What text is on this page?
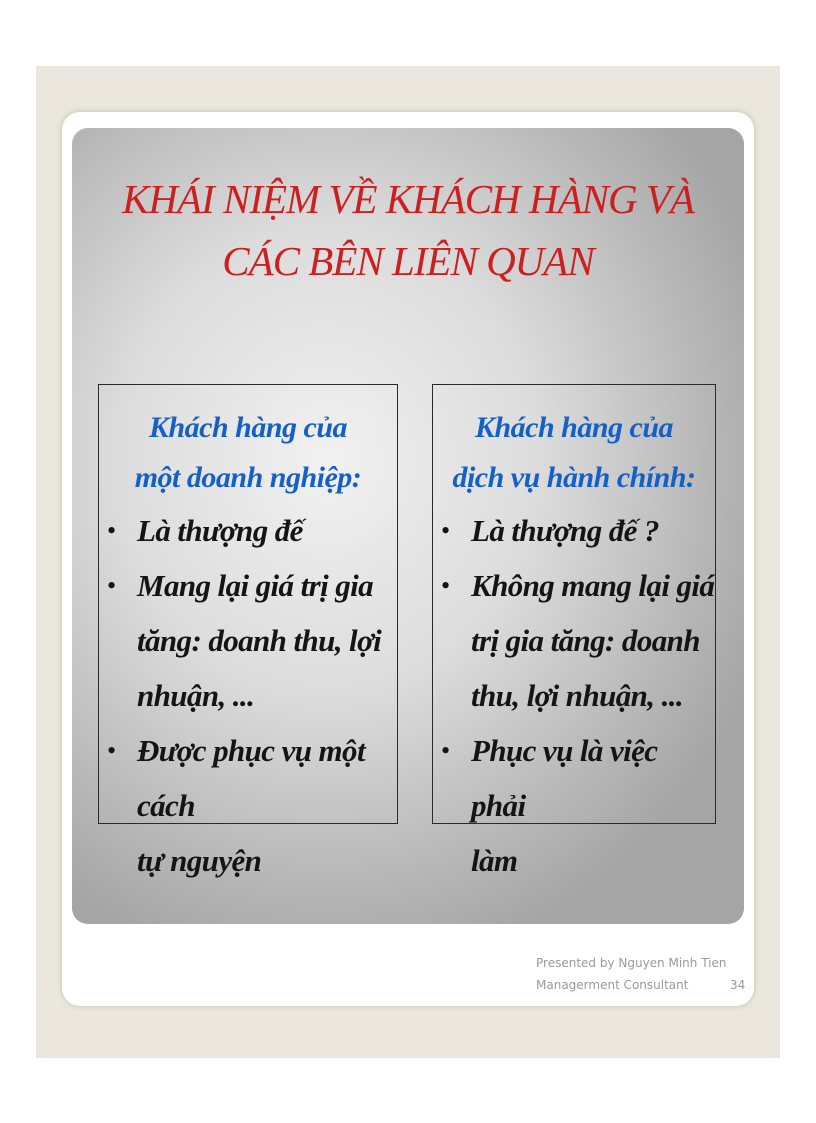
KHÁI NIỆM VỀ KHÁCH HÀNG VÀ
CÁC BÊN LIÊN QUAN
Khách hàng của
một doanh nghiệp:
• Là thượng đế
• Mang lại giá trị gia
tăng: doanh thu, lợi
nhuận, ...
• Được phục vụ một cách
tự nguyện
Khách hàng của
dịch vụ hành chính:
• Là thượng đế ?
• Không mang lại giá
trị gia tăng: doanh
thu, lợi nhuận, ...
• Phục vụ là việc phải
làm
Presented by Nguyen Minh Tien
Managerment Consultant	34
